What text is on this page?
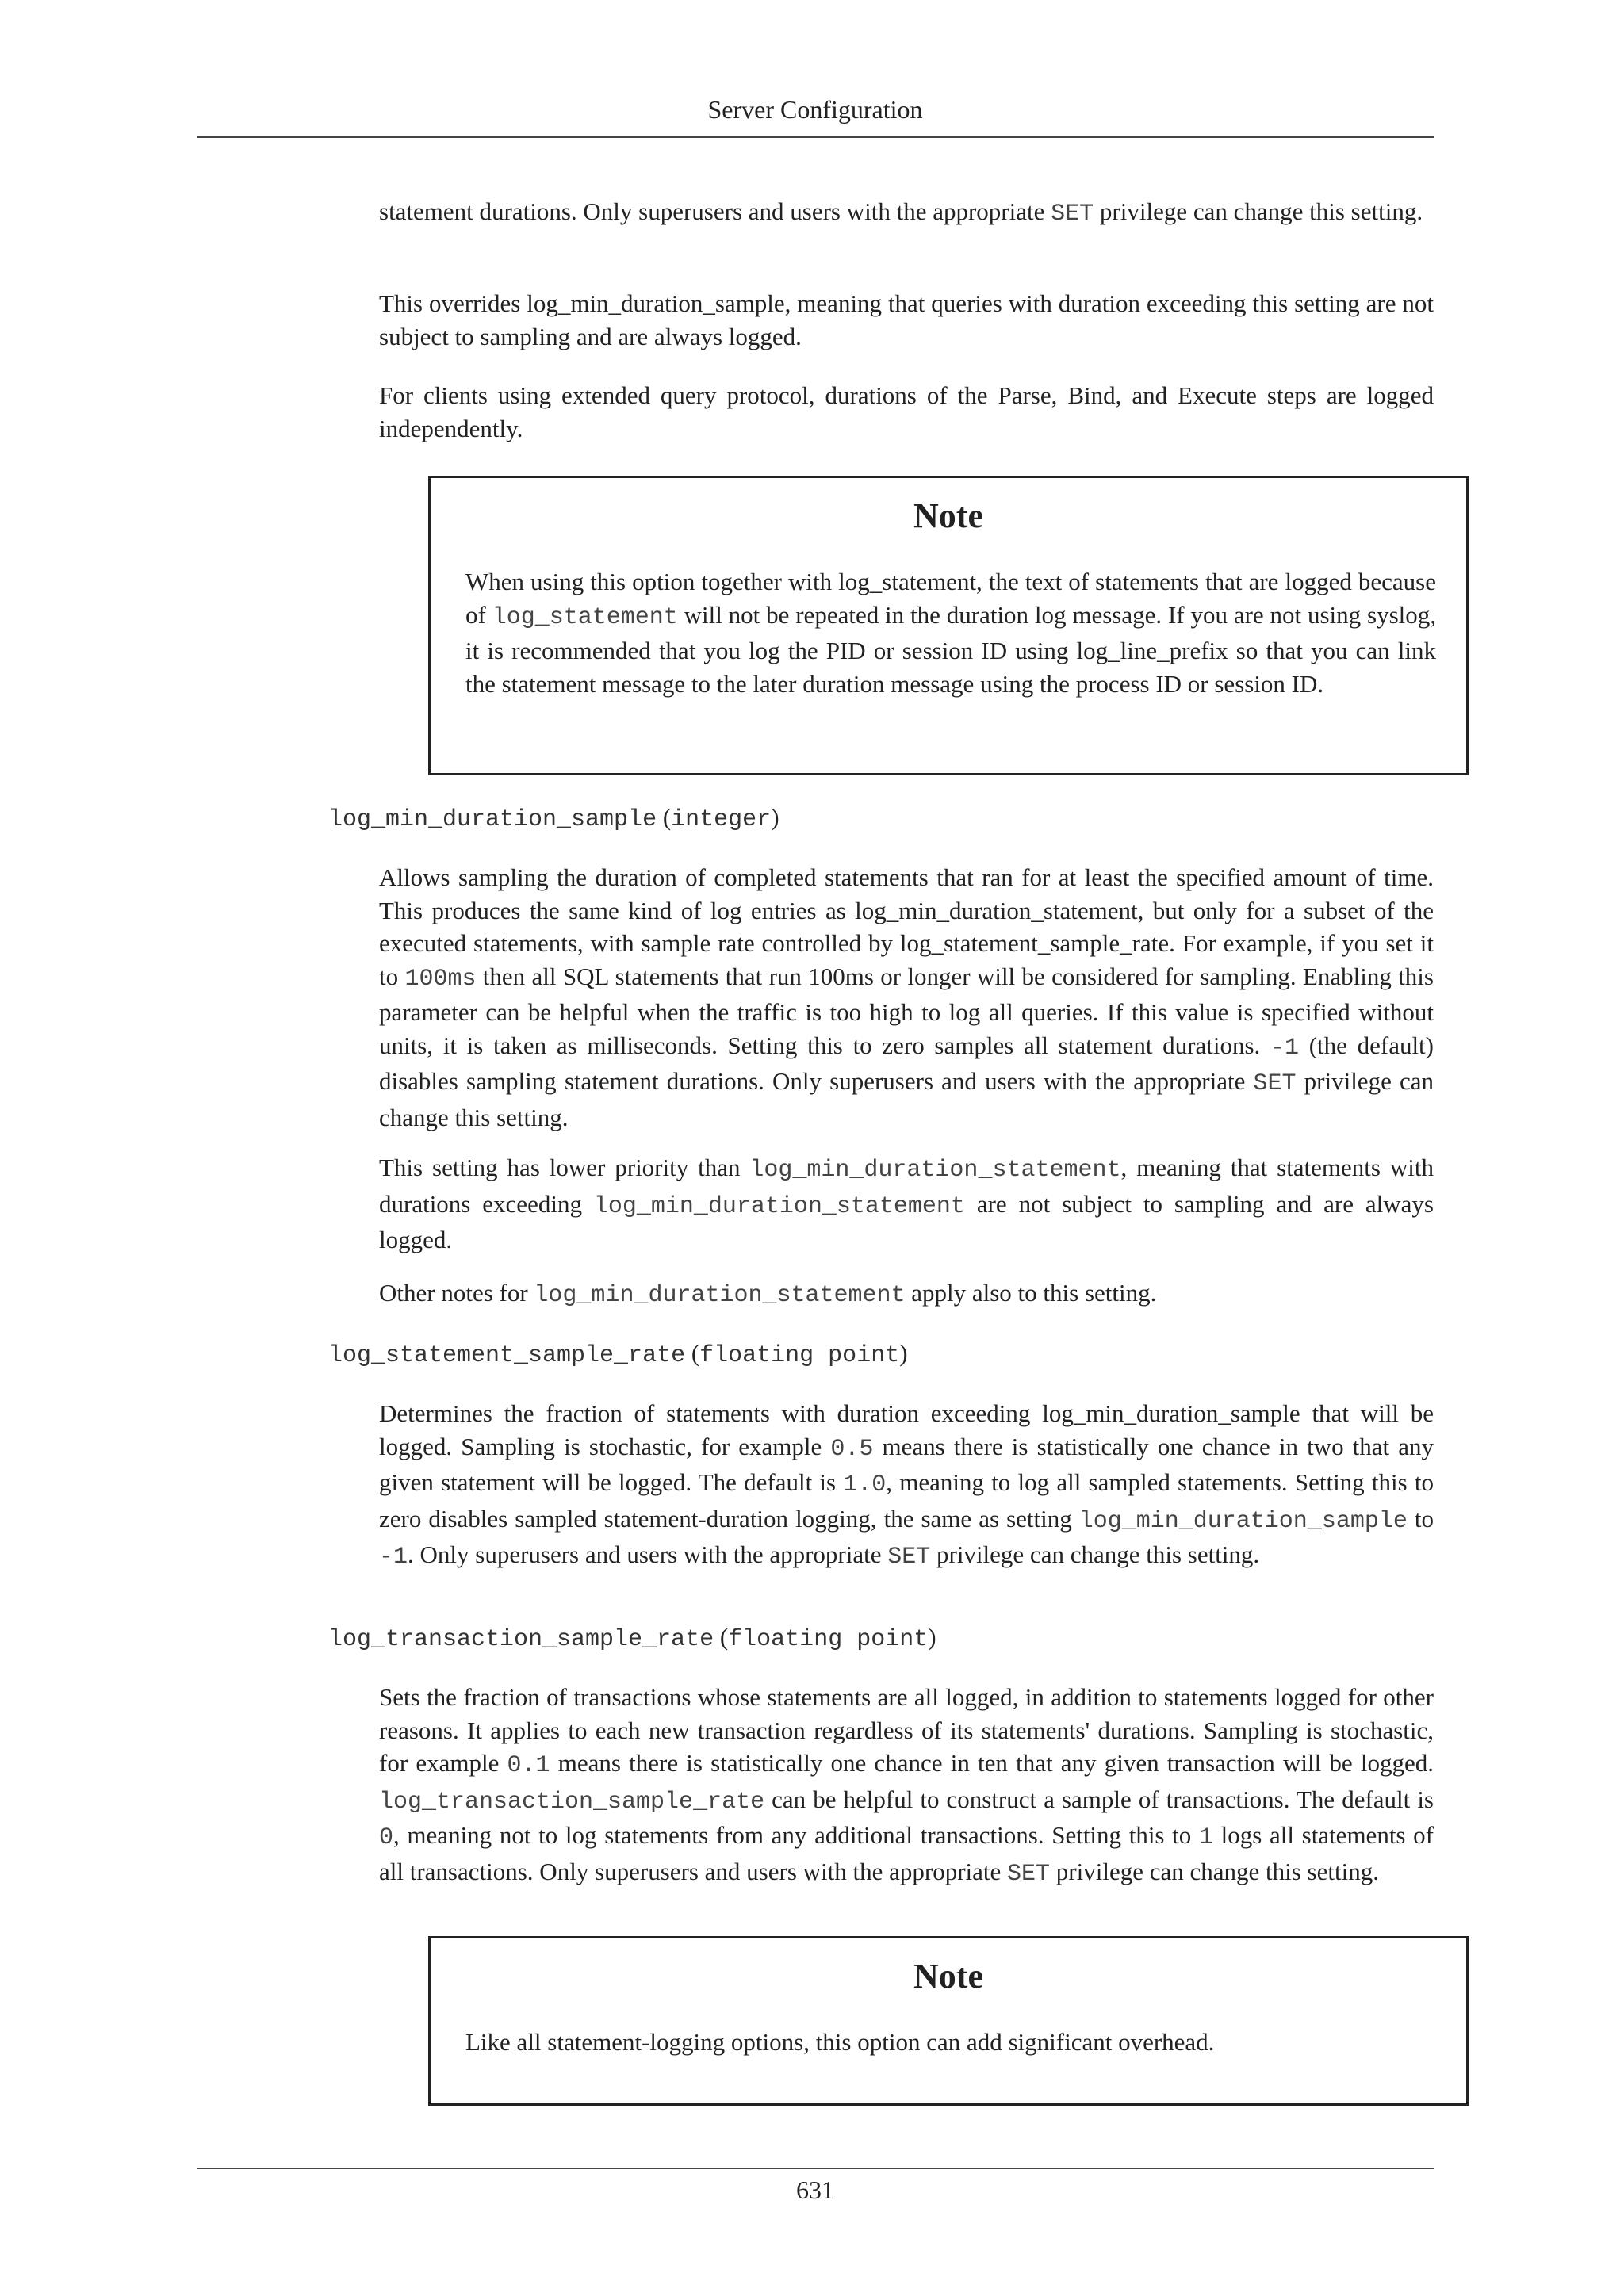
Server Configuration

statement durations. Only superusers and users with the appropriate SET privilege can change this setting.

This overrides log_min_duration_sample, meaning that queries with duration exceeding this setting are not subject to sampling and are always logged.

For clients using extended query protocol, durations of the Parse, Bind, and Execute steps are logged independently.

Note

When using this option together with log_statement, the text of statements that are logged because of log_statement will not be repeated in the duration log message. If you are not using syslog, it is recommended that you log the PID or session ID using log_line_prefix so that you can link the statement message to the later duration message using the process ID or session ID.

log_min_duration_sample (integer)

Allows sampling the duration of completed statements that ran for at least the specified amount of time. This produces the same kind of log entries as log_min_duration_statement, but only for a subset of the executed statements, with sample rate controlled by log_statement_sample_rate. For example, if you set it to 100ms then all SQL statements that run 100ms or longer will be considered for sampling. Enabling this parameter can be helpful when the traffic is too high to log all queries. If this value is specified without units, it is taken as milliseconds. Setting this to zero samples all statement durations. -1 (the default) disables sampling statement durations. Only superusers and users with the appropriate SET privilege can change this setting.

This setting has lower priority than log_min_duration_statement, meaning that statements with durations exceeding log_min_duration_statement are not subject to sampling and are always logged.

Other notes for log_min_duration_statement apply also to this setting.

log_statement_sample_rate (floating point)

Determines the fraction of statements with duration exceeding log_min_duration_sample that will be logged. Sampling is stochastic, for example 0.5 means there is statistically one chance in two that any given statement will be logged. The default is 1.0, meaning to log all sampled statements. Setting this to zero disables sampled statement-duration logging, the same as setting log_min_duration_sample to -1. Only superusers and users with the appropriate SET privilege can change this setting.

log_transaction_sample_rate (floating point)

Sets the fraction of transactions whose statements are all logged, in addition to statements logged for other reasons. It applies to each new transaction regardless of its statements' durations. Sampling is stochastic, for example 0.1 means there is statistically one chance in ten that any given transaction will be logged. log_transaction_sample_rate can be helpful to construct a sample of transactions. The default is 0, meaning not to log statements from any additional transactions. Setting this to 1 logs all statements of all transactions. Only superusers and users with the appropriate SET privilege can change this setting.

Note

Like all statement-logging options, this option can add significant overhead.

631
